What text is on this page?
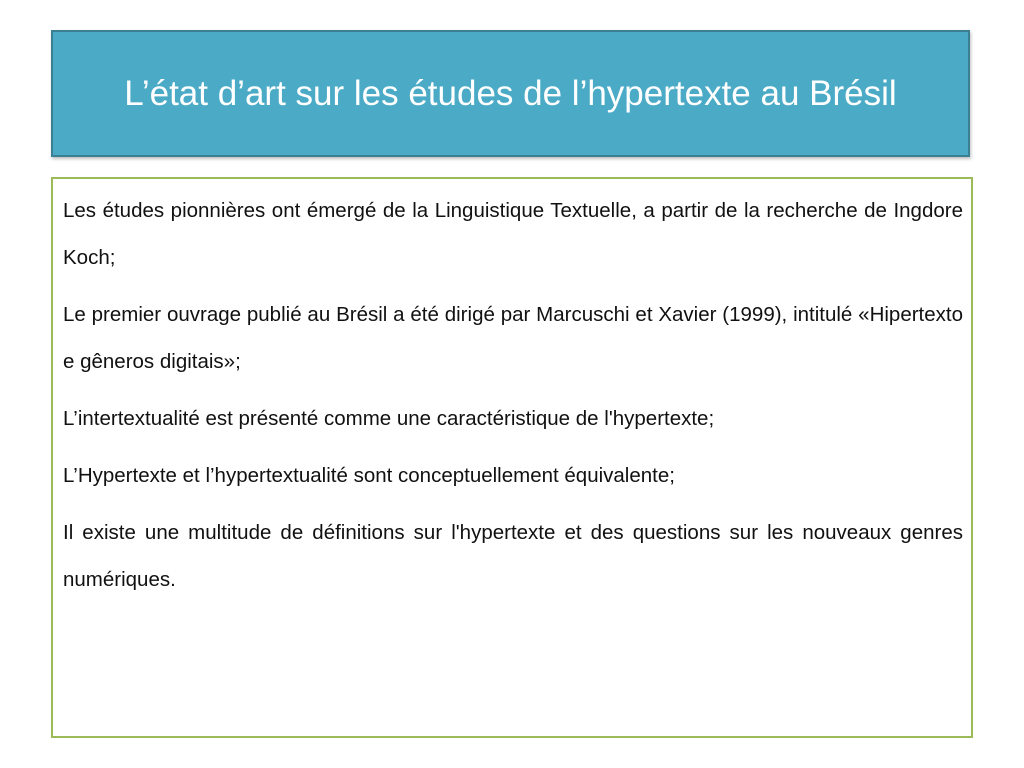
L’état d’art sur les études de l’hypertexte au Brésil

Les études pionnières ont émergé de la Linguistique Textuelle, a partir de la recherche de Ingdore Koch;

Le premier ouvrage publié au Brésil a été dirigé par Marcuschi et Xavier (1999), intitulé «Hipertexto e gêneros digitais»;

L’intertextualité est présenté comme une caractéristique de l'hypertexte;

L’Hypertexte et l’hypertextualité sont conceptuellement équivalente;

Il existe une multitude de définitions sur l'hypertexte et des questions sur les nouveaux genres numériques.
